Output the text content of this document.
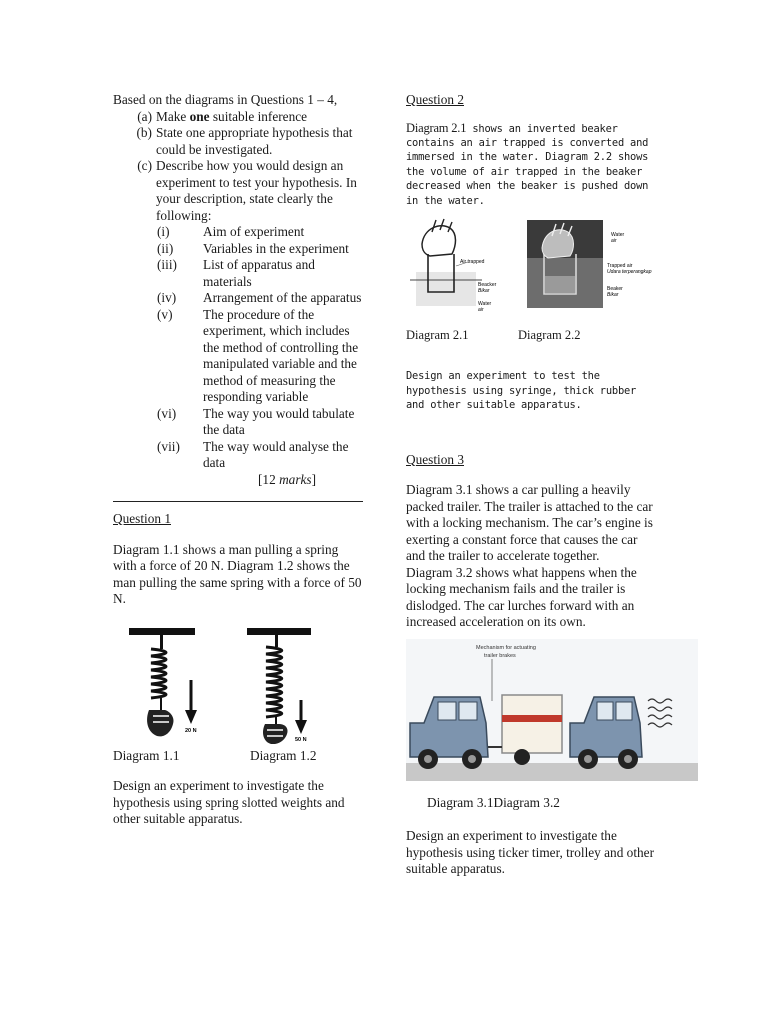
Based on the diagrams in Questions 1 – 4,
(a) Make one suitable inference
(b) State one appropriate hypothesis that could be investigated.
(c) Describe how you would design an experiment to test your hypothesis. In your description, state clearly the following:
(i)	Aim of experiment
(ii)	Variables in the experiment
(iii)	List of apparatus and materials
(iv)	Arrangement of the apparatus
(v)	The procedure of the experiment, which includes the method of controlling the manipulated variable and the method of measuring the responding variable
(vi)	The way you would tabulate the data
(vii)	The way would analyse the data
[12 marks]
Question 1
Diagram 1.1 shows a man pulling a spring with a force of 20 N. Diagram 1.2 shows the man pulling the same spring with a force of 50 N.
20 N
50 N
Diagram 1.1	Diagram 1.2
Design an experiment to investigate the hypothesis using spring slotted weights and other suitable apparatus.
Question 2
Diagram 2.1 shows an inverted beaker contains an air trapped is converted and immersed in the water. Diagram 2.2 shows the volume of air trapped in the beaker decreased when the beaker is pushed down in the water.
Air trapped
Beacker
Bikar
Water
air
Water
air
Trapped air
Udara terperangkap
Beaker
Bikar
Diagram 2.1	Diagram 2.2
Design an experiment to test the hypothesis using syringe, thick rubber and other suitable apparatus.
Question 3
Diagram 3.1 shows a car pulling a heavily packed trailer. The trailer is attached to the car with a locking mechanism. The car’s engine is exerting a constant force that causes the car and the trailer to accelerate together.
Diagram 3.2 shows what happens when the locking mechanism fails and the trailer is dislodged. The car lurches forward with an increased acceleration on its own.
Mechanism for actuating
trailer brakes
Diagram 3.1Diagram 3.2
Design an experiment to investigate the hypothesis using ticker timer, trolley and other suitable apparatus.
